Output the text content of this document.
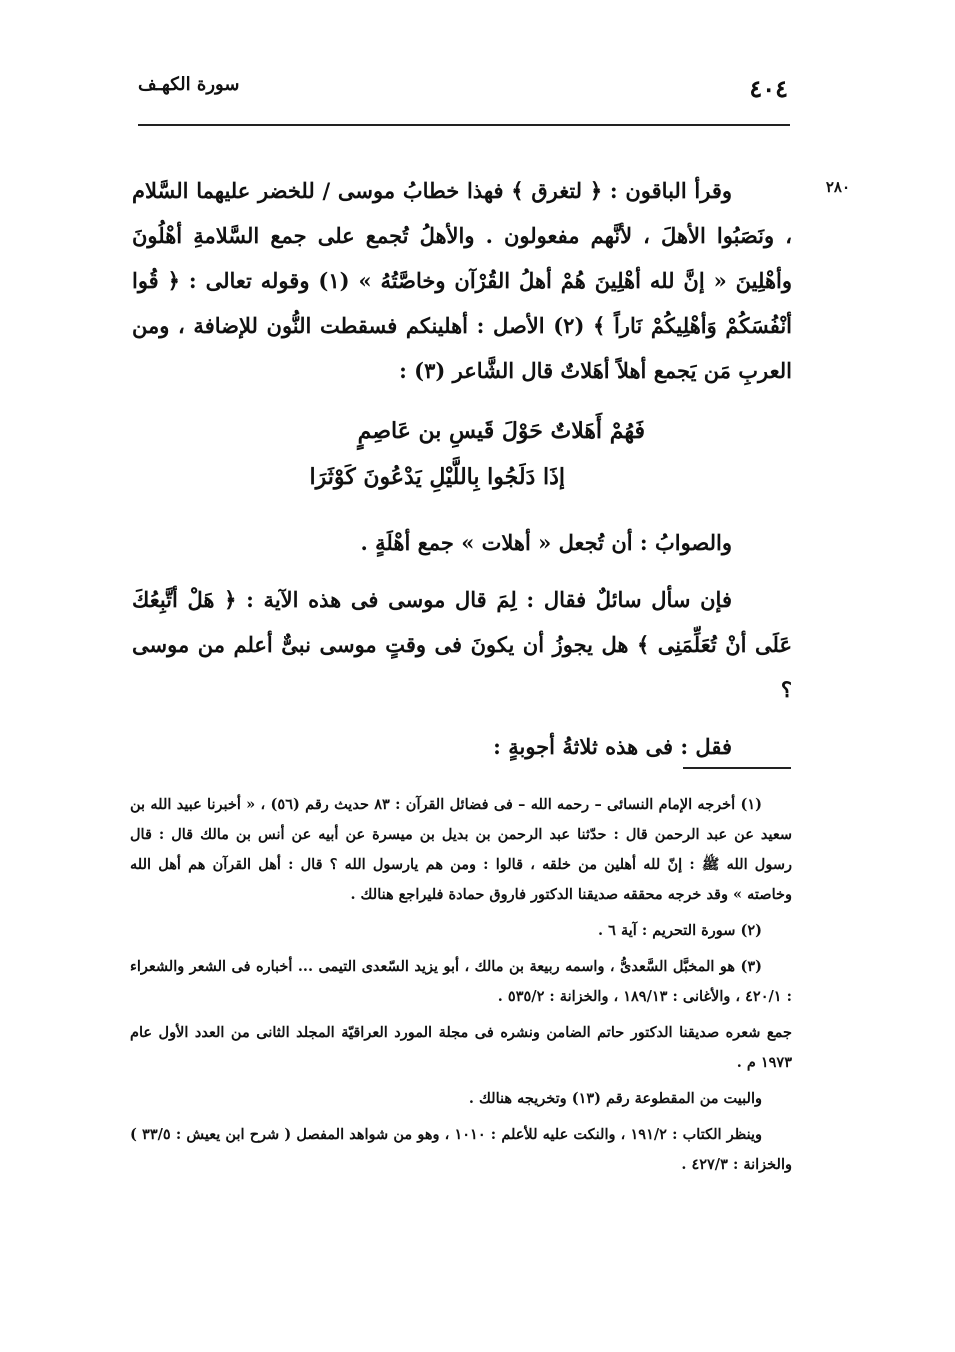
٤٠٤
سورة الكهـف
٢٨٠

وقرأ الباقون : ﴿ لتغرق ﴾ فهذا خطابُ موسى / للخضر عليهما السَّلام ، ونَصَبُوا الأهلَ ، لأنَّهم مفعولون . والأهلُ تُجمع على جمع السَّلامةِ أهْلُونَ وأهْلِينَ « إنَّ لله أهْلِينَ هُمْ أهلُ القُرْآن وخاصَّتُهُ » (١) وقوله تعالى : ﴿ قُوا أنْفُسَكُمْ وَأهْلِيكُمْ نَاراً ﴾ (٢) الأصل : أهلينكم فسقطت النُّون للإضافة ، ومن العربِ مَن يَجمع أهلاً أهَلاتٌ قال الشَّاعر (٣) :

فَهُمْ أَهَلاتٌ حَوْلَ قَيسِ بن عَاصِمٍ
إذَا دَلَجُوا بِاللَّيْلِ يَدْعُونَ كَوْثَرَا

والصوابُ : أن تُجعل « أهلات » جمع أهْلَةٍ .

فإن سأل سائلٌ فقال : لِمَ قال موسى فى هذه الآية : ﴿ هَلْ أتَّبِعُكَ عَلَى أنْ تُعَلِّمَنِى ﴾ هل يجوزُ أن يكونَ فى وقتٍ موسى نبىٌّ أعلم من موسى ؟

فقل : فى هذه ثلاثةُ أجوبةٍ :

(١) أخرجه الإمام النسائى – رحمه الله – فى فضائل القرآن : ٨٣ حديث رقم (٥٦) ، « أخبرنا عبيد الله بن سعيد عن عبد الرحمن قال : حدّثنا عبد الرحمن بن بديل بن ميسرة عن أبيه عن أنس بن مالك قال : قال رسول الله ﷺ : إنّ لله أهلين من خلقه ، قالوا : ومن هم يارسول الله ؟ قال : أهل القرآن هم أهل الله وخاصته » وقد خرجه محققه صديقنا الدكتور فاروق حمادة فليراجع هنالك .

(٢) سورة التحريم : آية ٦ .

(٣) هو المخبَّل السَّعدىُّ ، واسمه ربيعة بن مالك ، أبو يزيد السّعدى التيمى ... أخباره فى الشعر والشعراء : ٤٢٠/١ ، والأغانى : ١٨٩/١٣ ، والخزانة : ٥٣٥/٢ .

جمع شعره صديقنا الدكتور حاتم الضامن ونشره فى مجلة المورد العراقيّة المجلد الثانى من العدد الأول عام ١٩٧٣ م .

والبيت من المقطوعة رقم (١٣) وتخريجه هنالك .

وينظر الكتاب : ١٩١/٢ ، والنكت عليه للأعلم : ١٠١٠ ، وهو من شواهد المفصل ( شرح ابن يعيش : ٣٣/٥ ) والخزانة : ٤٢٧/٣ .
